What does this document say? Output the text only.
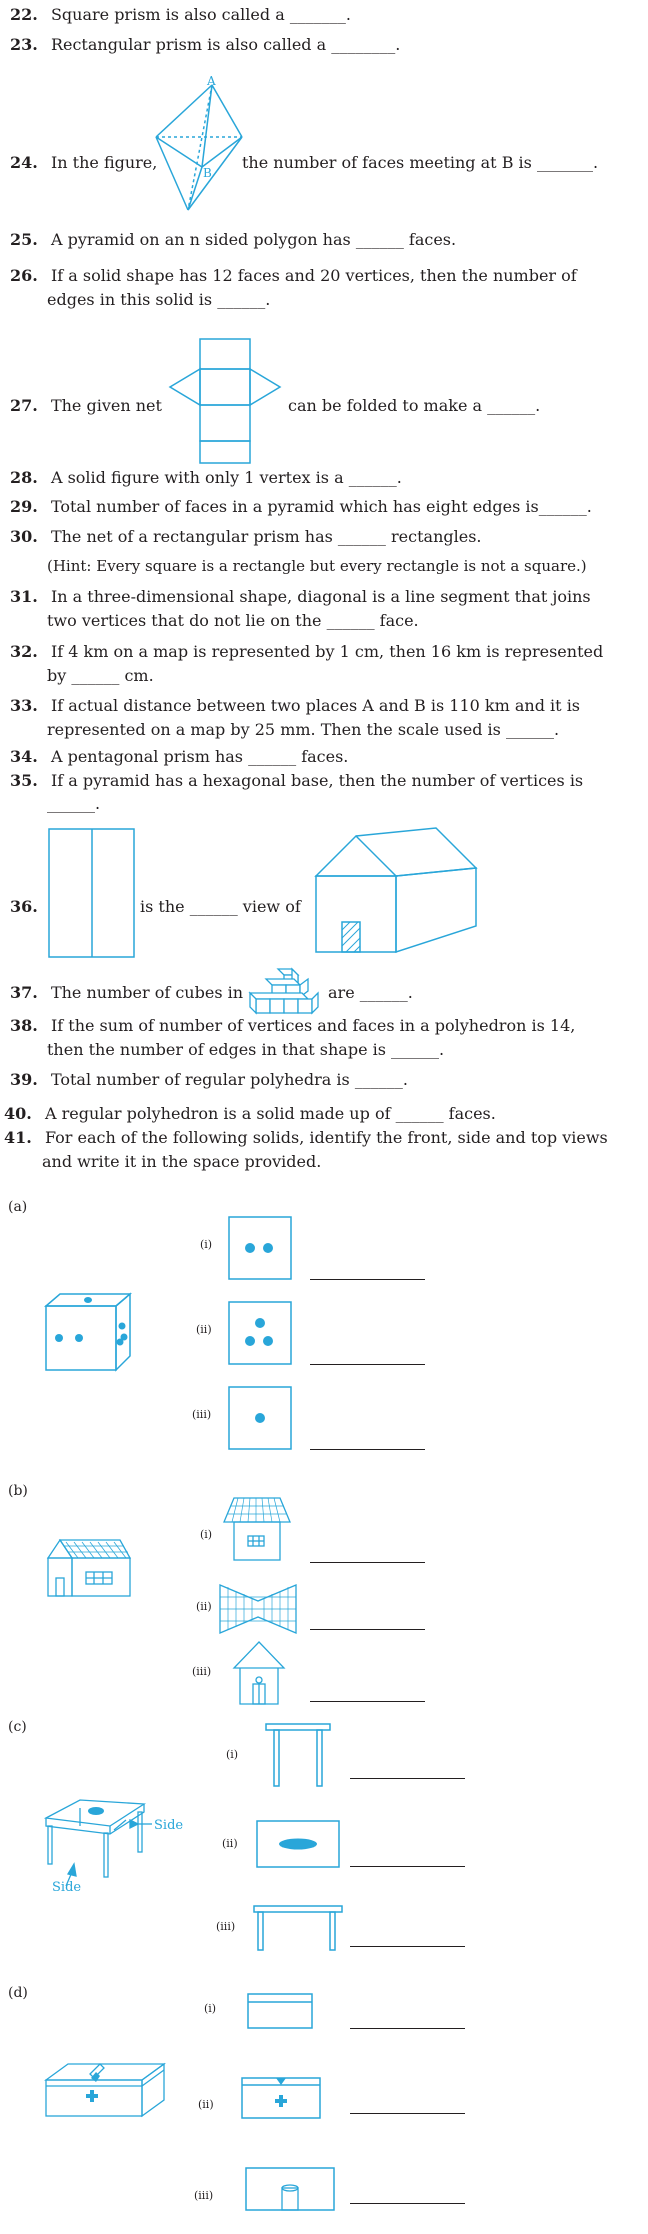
22. Square prism is also called a _______.
23. Rectangular prism is also called a ________.
24. In the figure,	the number of faces meeting at B is _______.
A
B
25. A pyramid on an n sided polygon has ______ faces.
26. If a solid shape has 12 faces and 20 vertices, then the number of
edges in this solid is ______.
27. The given net	can be folded to make a ______.
28. A solid figure with only 1 vertex is a ______.
29. Total number of faces in a pyramid which has eight edges is______.
30. The net of a rectangular prism has ______ rectangles.
(Hint: Every square is a rectangle but every rectangle is not a square.)
31. In a three-dimensional shape, diagonal is a line segment that joins
two vertices that do not lie on the ______ face.
32. If 4 km on a map is represented by 1 cm, then 16 km is represented
by ______ cm.
33. If actual distance between two places A and B is 110 km and it is
represented on a map by 25 mm. Then the scale used is ______.
34. A pentagonal prism has ______ faces.
35. If a pyramid has a hexagonal base, then the number of vertices is
______.
36.	is the ______ view of
37. The number of cubes in	are ______.
38. If the sum of number of vertices and faces in a polyhedron is 14,
then the number of edges in that shape is ______.
39. Total number of regular polyhedra is ______.
40. A regular polyhedron is a solid made up of ______ faces.
41. For each of the following solids, identify the front, side and top views
and write it in the space provided.
(a)
(i)
(ii)
(iii)
(b)
(i)
(ii)
(iii)
(c)
(i)
Side
Side
(ii)
(iii)
(d)
(i)
(ii)
(iii)
